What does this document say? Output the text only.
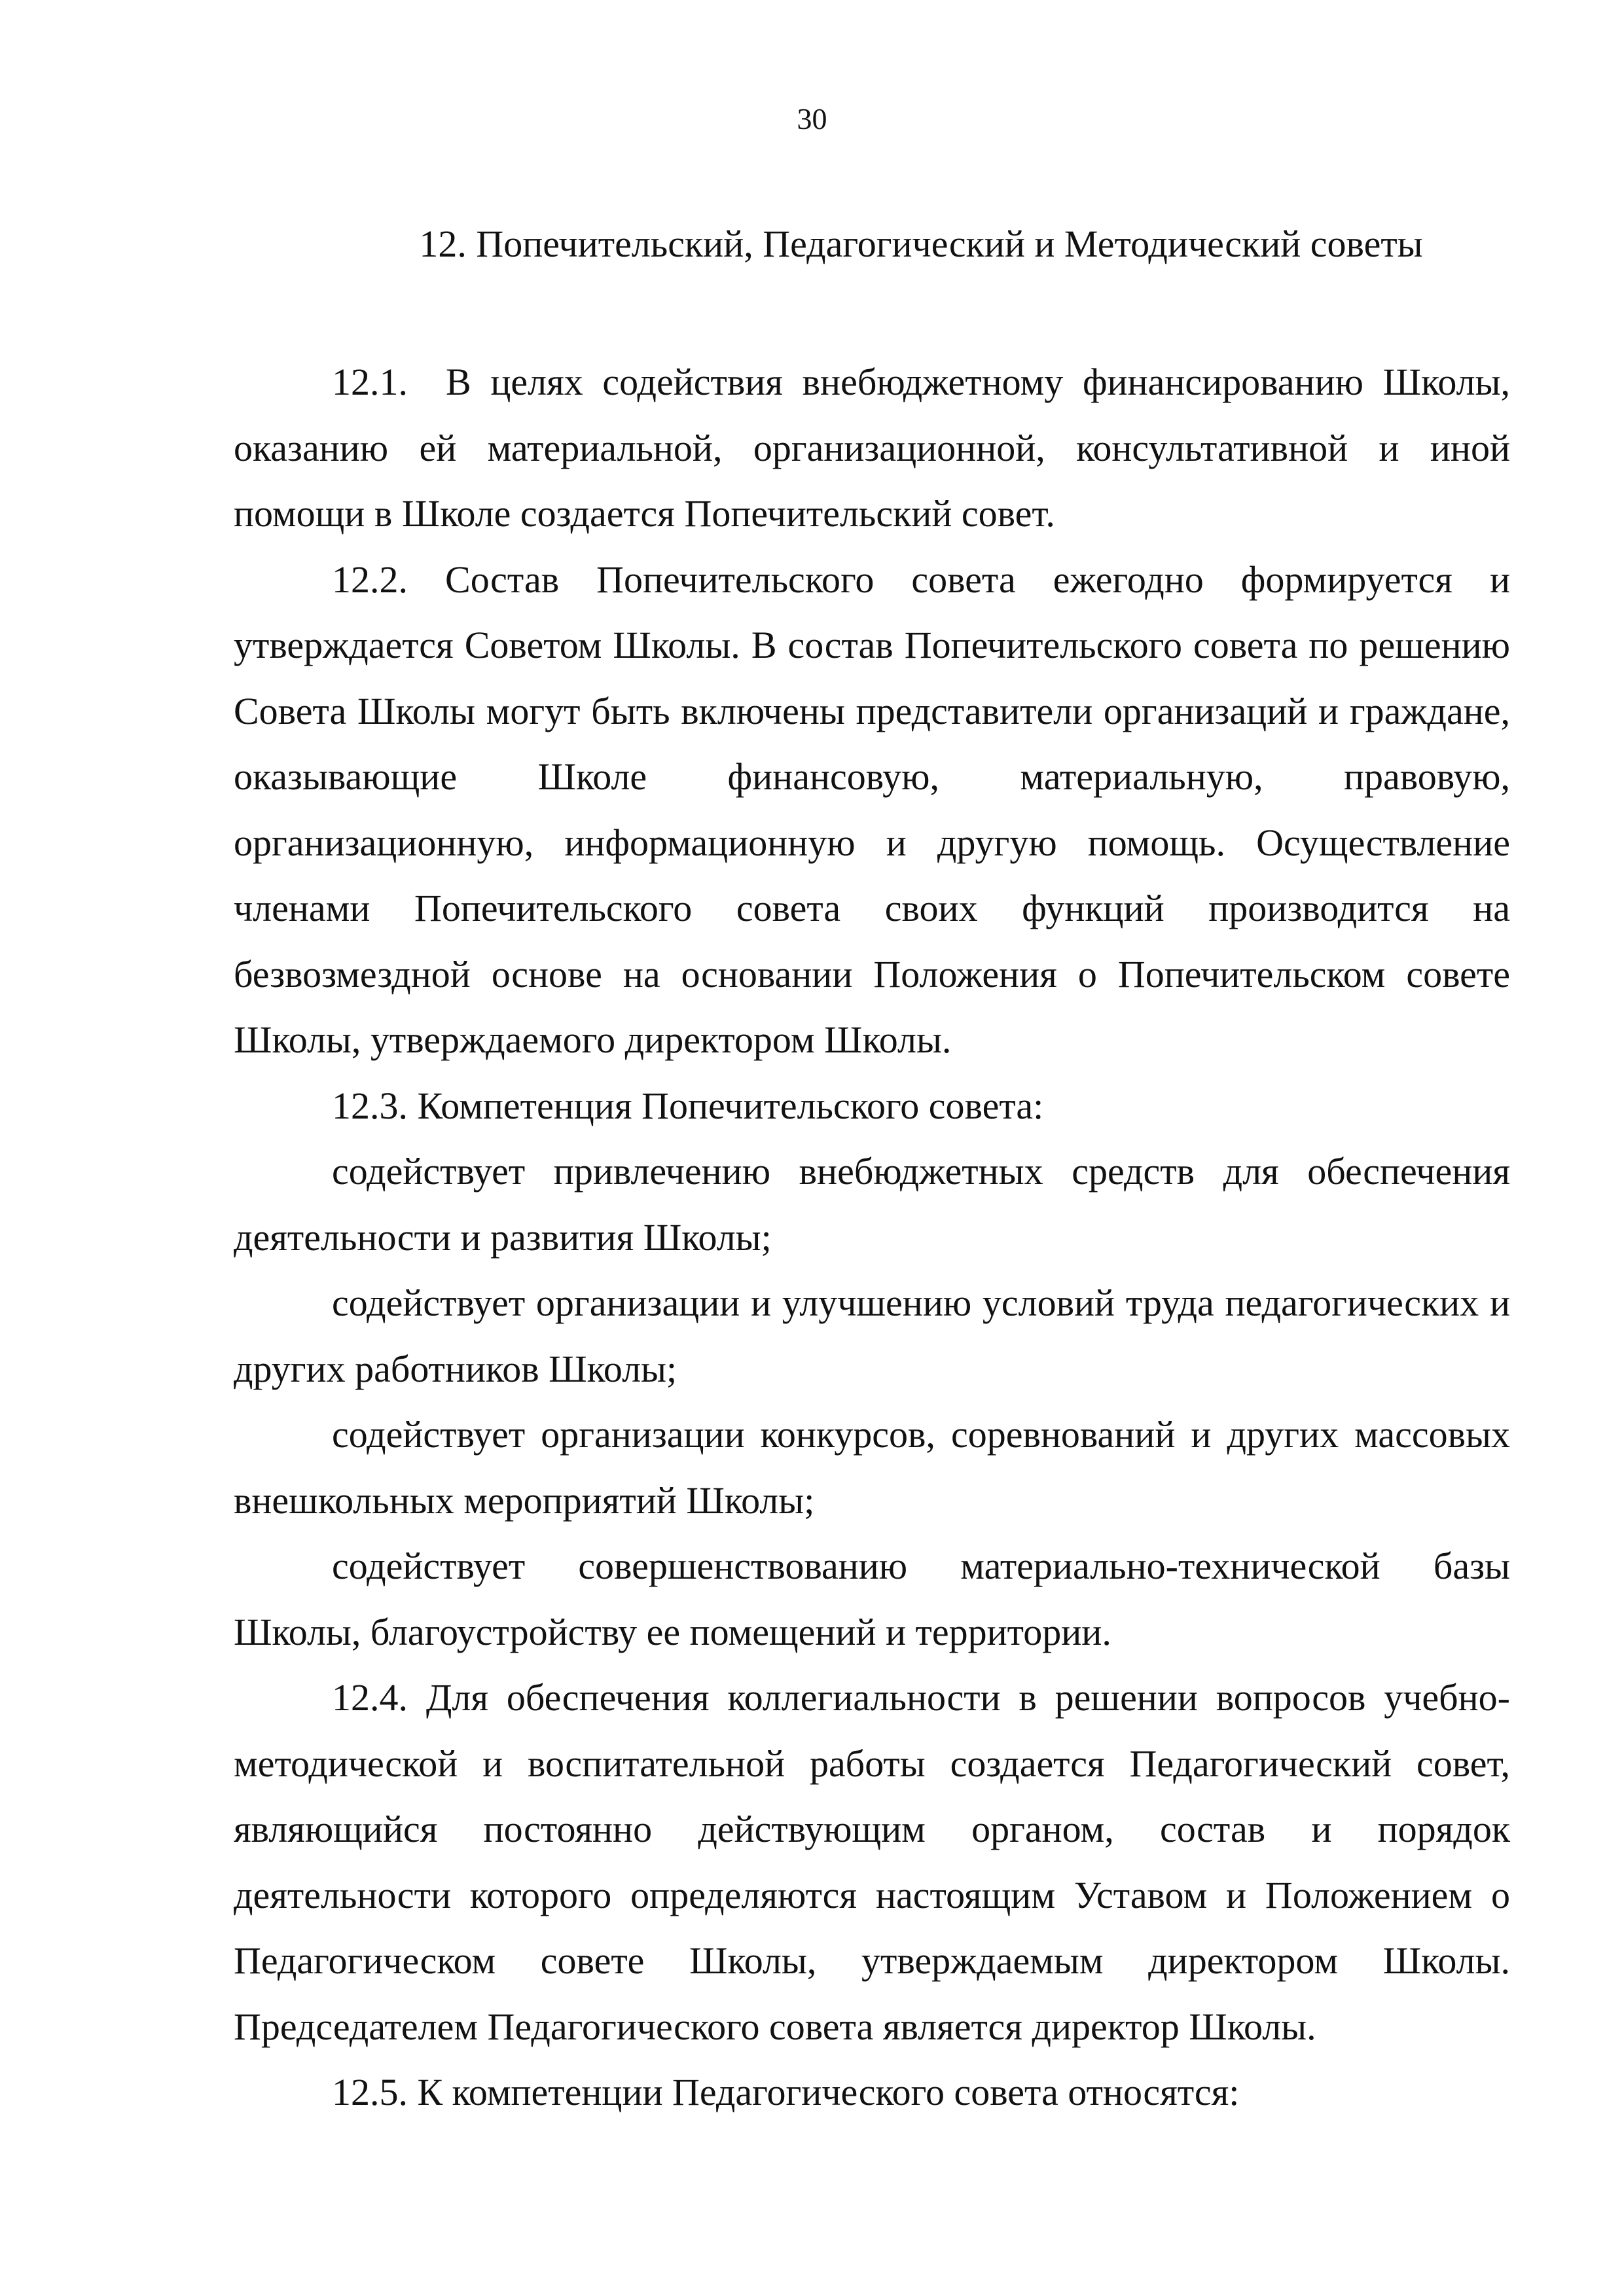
30
12. Попечительский, Педагогический и Методический советы

12.1. В целях содействия внебюджетному финансированию Школы, оказанию ей материальной, организационной, консультативной и иной помощи в Школе создается Попечительский совет.

12.2. Состав Попечительского совета ежегодно формируется и утверждается Советом Школы. В состав Попечительского совета по решению Совета Школы могут быть включены представители организаций и граждане, оказывающие Школе финансовую, материальную, правовую, организационную, информационную и другую помощь. Осуществление членами Попечительского совета своих функций производится на безвозмездной основе на основании Положения о Попечительском совете Школы, утверждаемого директором Школы.

12.3. Компетенция Попечительского совета:

содействует привлечению внебюджетных средств для обеспечения деятельности и развития Школы;

содействует организации и улучшению условий труда педагогических и других работников Школы;

содействует организации конкурсов, соревнований и других массовых внешкольных мероприятий Школы;

содействует совершенствованию материально-технической базы Школы, благоустройству ее помещений и территории.

12.4. Для обеспечения коллегиальности в решении вопросов учебно-методической и воспитательной работы создается Педагогический совет, являющийся постоянно действующим органом, состав и порядок деятельности которого определяются настоящим Уставом и Положением о Педагогическом совете Школы, утверждаемым директором Школы. Председателем Педагогического совета является директор Школы.

12.5. К компетенции Педагогического совета относятся:
